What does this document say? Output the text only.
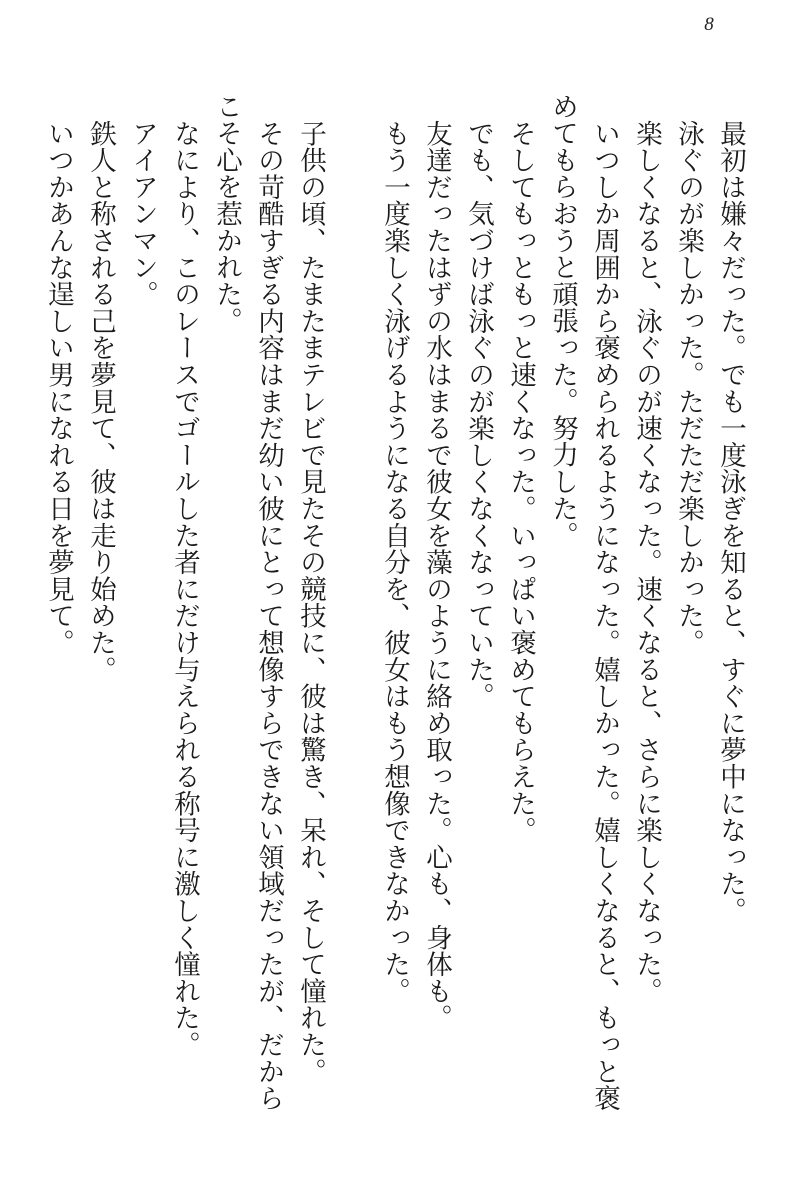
8
最初は嫌々だった。でも一度泳ぎを知ると、すぐに夢中になった。
泳ぐのが楽しかった。ただただ楽しかった。
楽しくなると、泳ぐのが速くなった。速くなると、さらに楽しくなった。
いつしか周囲から褒められるようになった。嬉しかった。嬉しくなると、もっと褒
めてもらおうと頑張った。努力した。
そしてもっともっと速くなった。いっぱい褒めてもらえた。
でも、気づけば泳ぐのが楽しくなくなっていた。
友達だったはずの水はまるで彼女を藻のように絡め取った。心も、身体も。
もう一度楽しく泳げるようになる自分を、彼女はもう想像できなかった。
子供の頃、たまたまテレビで見たその競技に、彼は驚き、呆れ、そして憧れた。
その苛酷すぎる内容はまだ幼い彼にとって想像すらできない領域だったが、だから
こそ心を惹かれた。
なにより、このレースでゴールした者にだけ与えられる称号に激しく憧れた。
アイアンマン。
鉄人と称される己を夢見て、彼は走り始めた。
いつかあんな逞しい男になれる日を夢見て。
